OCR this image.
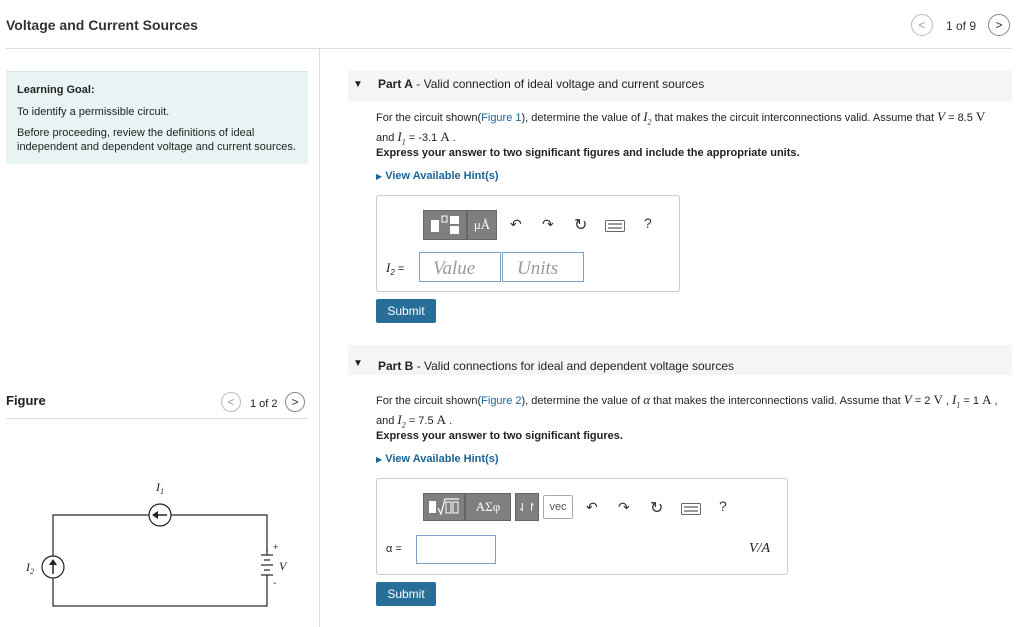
Voltage and Current Sources	< 1 of 9 >
Learning Goal:
To identify a permissible circuit.
Before proceeding, review the definitions of ideal
independent and dependent voltage and current sources.
Figure	< 1 of 2 >
$I_1$
$I_2$	V
+
-
▼ Part A - Valid connection of ideal voltage and current sources
For the circuit shown(Figure 1), determine the value of $I_2$ that makes the circuit interconnections valid. Assume that V = 8.5 V
and $I_1 = -3.1$ A .
Express your answer to two significant figures and include the appropriate units.
▶ View Available Hint(s)
μÅ ↶ ↷ ↻	?
$I_2$ = Value Units
Submit
▼ Part B - Valid connections for ideal and dependent voltage sources
For the circuit shown(Figure 2), determine the value of α that makes the interconnections valid. Assume that V = 2 V , $I_1 = 1$ A ,
and $I_2 = 7.5$ A .
Express your answer to two significant figures.
▶ View Available Hint(s)
ΑΣφ ⇃↾ vec ↶ ↷ ↻	?
α =	V/A
Submit
